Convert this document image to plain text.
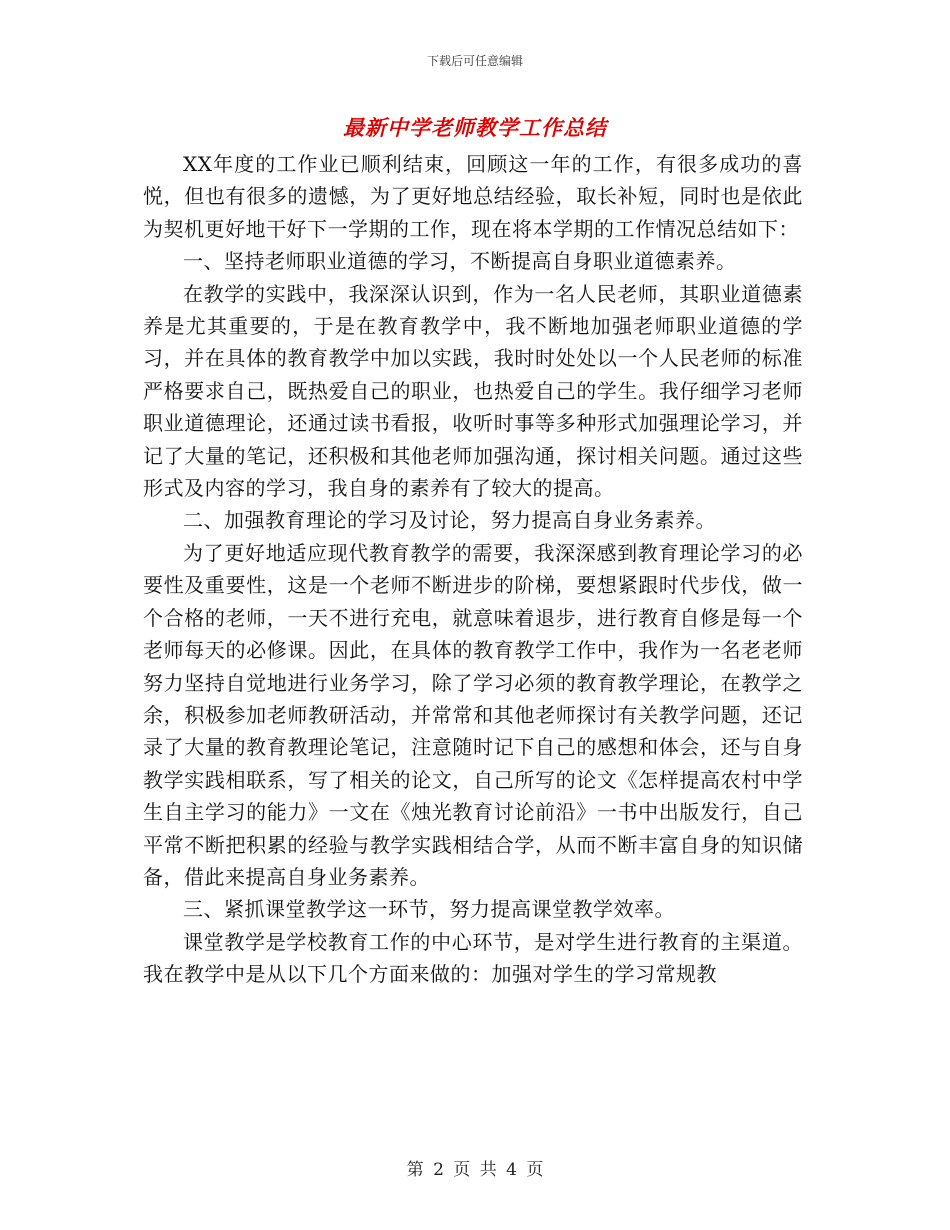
下载后可任意编辑
最新中学老师教学工作总结

XX年度的工作业已顺利结束，回顾这一年的工作，有很多成功的喜悦，但也有很多的遗憾，为了更好地总结经验，取长补短，同时也是依此为契机更好地干好下一学期的工作，现在将本学期的工作情况总结如下：

一、坚持老师职业道德的学习，不断提高自身职业道德素养。

在教学的实践中，我深深认识到，作为一名人民老师，其职业道德素养是尤其重要的，于是在教育教学中，我不断地加强老师职业道德的学习，并在具体的教育教学中加以实践，我时时处处以一个人民老师的标准严格要求自己，既热爱自己的职业，也热爱自己的学生。我仔细学习老师职业道德理论，还通过读书看报，收听时事等多种形式加强理论学习，并记了大量的笔记，还积极和其他老师加强沟通，探讨相关问题。通过这些形式及内容的学习，我自身的素养有了较大的提高。

二、加强教育理论的学习及讨论，努力提高自身业务素养。

为了更好地适应现代教育教学的需要，我深深感到教育理论学习的必要性及重要性，这是一个老师不断进步的阶梯，要想紧跟时代步伐，做一个合格的老师，一天不进行充电，就意味着退步，进行教育自修是每一个老师每天的必修课。因此，在具体的教育教学工作中，我作为一名老老师努力坚持自觉地进行业务学习，除了学习必须的教育教学理论，在教学之余，积极参加老师教研活动，并常常和其他老师探讨有关教学问题，还记录了大量的教育教理论笔记，注意随时记下自己的感想和体会，还与自身教学实践相联系，写了相关的论文，自己所写的论文《怎样提高农村中学生自主学习的能力》一文在《烛光教育讨论前沿》一书中出版发行，自己平常不断把积累的经验与教学实践相结合学，从而不断丰富自身的知识储备，借此来提高自身业务素养。

三、紧抓课堂教学这一环节，努力提高课堂教学效率。

课堂教学是学校教育工作的中心环节，是对学生进行教育的主渠道。我在教学中是从以下几个方面来做的：加强对学生的学习常规教

第 2 页 共 4 页
